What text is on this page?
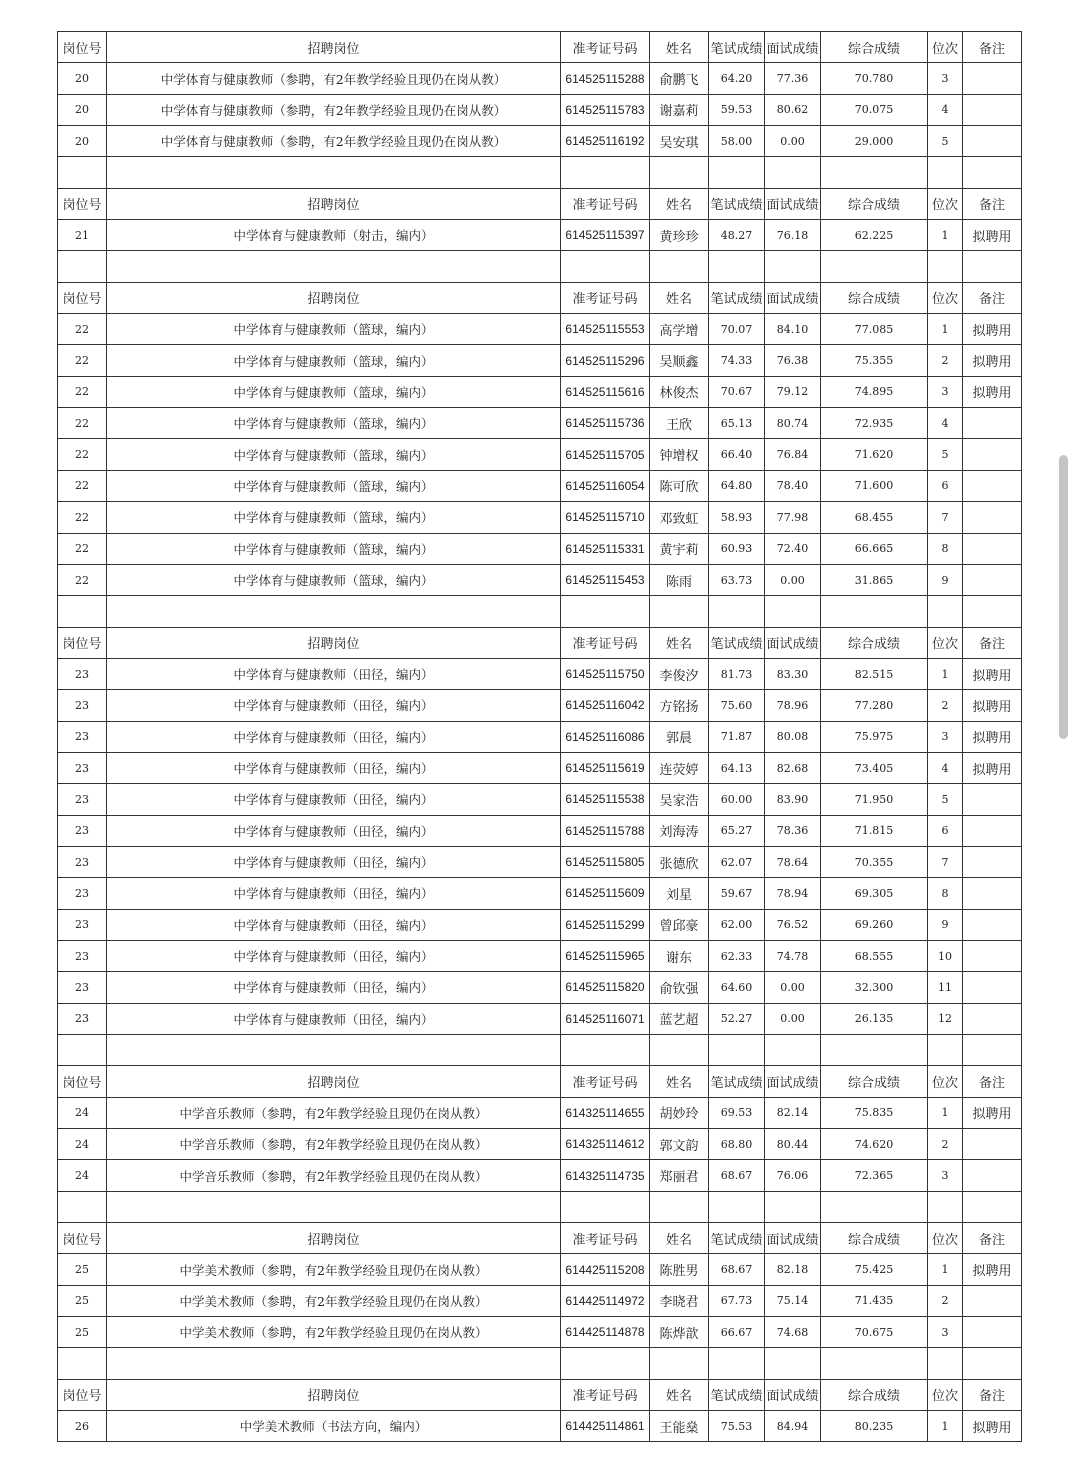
岗位号	招聘岗位	准考证号码	姓名	笔试成绩	面试成绩	综合成绩	位次	备注
20	中学体育与健康教师（参聘，有2年教学经验且现仍在岗从教）	614525115288	俞鹏飞	64.20	77.36	70.780	3	
20	中学体育与健康教师（参聘，有2年教学经验且现仍在岗从教）	614525115783	谢嘉莉	59.53	80.62	70.075	4	
20	中学体育与健康教师（参聘，有2年教学经验且现仍在岗从教）	614525116192	吴安琪	58.00	0.00	29.000	5	

岗位号	招聘岗位	准考证号码	姓名	笔试成绩	面试成绩	综合成绩	位次	备注
21	中学体育与健康教师（射击，编内）	614525115397	黄珍珍	48.27	76.18	62.225	1	拟聘用

岗位号	招聘岗位	准考证号码	姓名	笔试成绩	面试成绩	综合成绩	位次	备注
22	中学体育与健康教师（篮球，编内）	614525115553	高学增	70.07	84.10	77.085	1	拟聘用
22	中学体育与健康教师（篮球，编内）	614525115296	吴顺鑫	74.33	76.38	75.355	2	拟聘用
22	中学体育与健康教师（篮球，编内）	614525115616	林俊杰	70.67	79.12	74.895	3	拟聘用
22	中学体育与健康教师（篮球，编内）	614525115736	王欣	65.13	80.74	72.935	4	
22	中学体育与健康教师（篮球，编内）	614525115705	钟增权	66.40	76.84	71.620	5	
22	中学体育与健康教师（篮球，编内）	614525116054	陈可欣	64.80	78.40	71.600	6	
22	中学体育与健康教师（篮球，编内）	614525115710	邓致虹	58.93	77.98	68.455	7	
22	中学体育与健康教师（篮球，编内）	614525115331	黄宇莉	60.93	72.40	66.665	8	
22	中学体育与健康教师（篮球，编内）	614525115453	陈雨	63.73	0.00	31.865	9	

岗位号	招聘岗位	准考证号码	姓名	笔试成绩	面试成绩	综合成绩	位次	备注
23	中学体育与健康教师（田径，编内）	614525115750	李俊汐	81.73	83.30	82.515	1	拟聘用
23	中学体育与健康教师（田径，编内）	614525116042	方铭扬	75.60	78.96	77.280	2	拟聘用
23	中学体育与健康教师（田径，编内）	614525116086	郭晨	71.87	80.08	75.975	3	拟聘用
23	中学体育与健康教师（田径，编内）	614525115619	连荧婷	64.13	82.68	73.405	4	拟聘用
23	中学体育与健康教师（田径，编内）	614525115538	吴家浩	60.00	83.90	71.950	5	
23	中学体育与健康教师（田径，编内）	614525115788	刘海涛	65.27	78.36	71.815	6	
23	中学体育与健康教师（田径，编内）	614525115805	张德欣	62.07	78.64	70.355	7	
23	中学体育与健康教师（田径，编内）	614525115609	刘星	59.67	78.94	69.305	8	
23	中学体育与健康教师（田径，编内）	614525115299	曾邱豪	62.00	76.52	69.260	9	
23	中学体育与健康教师（田径，编内）	614525115965	谢东	62.33	74.78	68.555	10	
23	中学体育与健康教师（田径，编内）	614525115820	俞钦强	64.60	0.00	32.300	11	
23	中学体育与健康教师（田径，编内）	614525116071	蓝艺超	52.27	0.00	26.135	12	

岗位号	招聘岗位	准考证号码	姓名	笔试成绩	面试成绩	综合成绩	位次	备注
24	中学音乐教师（参聘，有2年教学经验且现仍在岗从教）	614325114655	胡妙玲	69.53	82.14	75.835	1	拟聘用
24	中学音乐教师（参聘，有2年教学经验且现仍在岗从教）	614325114612	郭文韵	68.80	80.44	74.620	2	
24	中学音乐教师（参聘，有2年教学经验且现仍在岗从教）	614325114735	郑丽君	68.67	76.06	72.365	3	

岗位号	招聘岗位	准考证号码	姓名	笔试成绩	面试成绩	综合成绩	位次	备注
25	中学美术教师（参聘，有2年教学经验且现仍在岗从教）	614425115208	陈胜男	68.67	82.18	75.425	1	拟聘用
25	中学美术教师（参聘，有2年教学经验且现仍在岗从教）	614425114972	李晓君	67.73	75.14	71.435	2	
25	中学美术教师（参聘，有2年教学经验且现仍在岗从教）	614425114878	陈烨歆	66.67	74.68	70.675	3	

岗位号	招聘岗位	准考证号码	姓名	笔试成绩	面试成绩	综合成绩	位次	备注
26	中学美术教师（书法方向，编内）	614425114861	王能燊	75.53	84.94	80.235	1	拟聘用
